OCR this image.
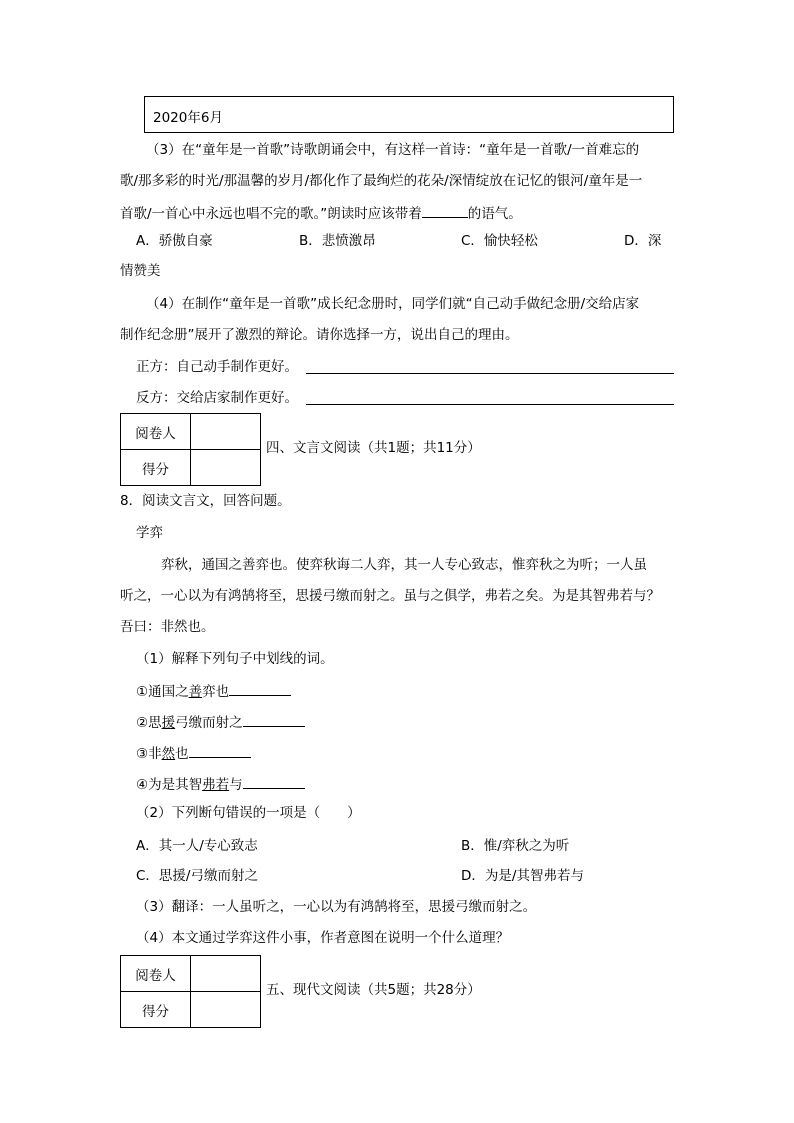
2020年6月
（3）在“童年是一首歌”诗歌朗诵会中，有这样一首诗：“童年是一首歌/一首难忘的
歌/那多彩的时光/那温馨的岁月/都化作了最绚烂的花朵/深情绽放在记忆的银河/童年是一
首歌/一首心中永远也唱不完的歌。”朗读时应该带着	的语气。
A．骄傲自豪	B．悲愤激昂	C．愉快轻松	D．深
情赞美
（4）在制作“童年是一首歌”成长纪念册时，同学们就“自己动手做纪念册/交给店家
制作纪念册”展开了激烈的辩论。请你选择一方，说出自己的理由。
正方：自己动手制作更好。
反方：交给店家制作更好。
阅卷人	
得分	
四、文言文阅读（共1题；共11分）
8．阅读文言文，回答问题。
学弈
弈秋，通国之善弈也。使弈秋诲二人弈，其一人专心致志，惟弈秋之为听；一人虽
听之，一心以为有鸿鹄将至，思援弓缴而射之。虽与之俱学，弗若之矣。为是其智弗若与？
吾曰：非然也。
（1）解释下列句子中划线的词。
①通国之善弈也
②思援弓缴而射之
③非然也
④为是其智弗若与
（2）下列断句错误的一项是（　　）
A．其一人/专心致志	B．惟/弈秋之为听
C．思援/弓缴而射之	D．为是/其智弗若与
（3）翻译：一人虽听之，一心以为有鸿鹄将至，思援弓缴而射之。
（4）本文通过学弈这件小事，作者意图在说明一个什么道理？
阅卷人	
得分	
五、现代文阅读（共5题；共28分）
